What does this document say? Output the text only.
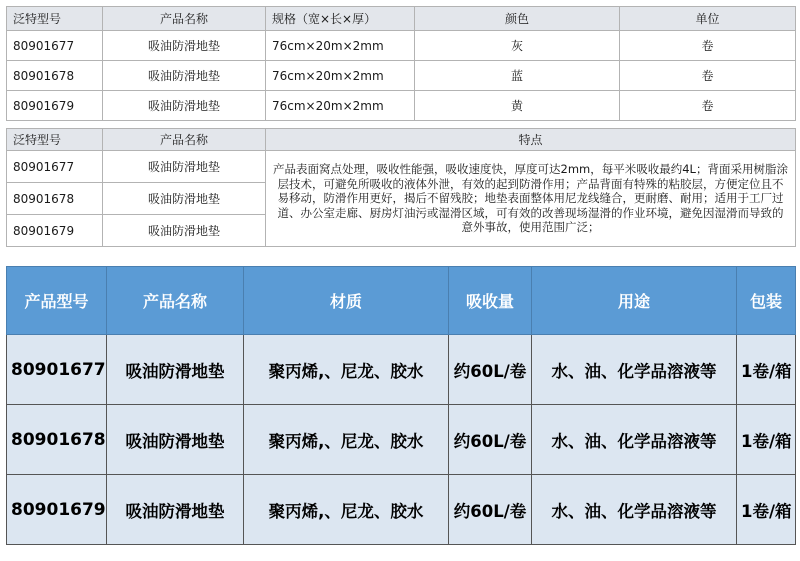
泛特型号	产品名称	规格（宽×长×厚）	颜色	单位
80901677	吸油防滑地垫	76cm×20m×2mm	灰	卷
80901678	吸油防滑地垫	76cm×20m×2mm	蓝	卷
80901679	吸油防滑地垫	76cm×20m×2mm	黄	卷
泛特型号	产品名称	特点
80901677	吸油防滑地垫	产品表面窝点处理，吸收性能强，吸收速度快，厚度可达2mm，每平米吸收最约4L；背面采用树脂涂层技术，可避免所吸收的液体外泄，有效的起到防滑作用；产品背面有特殊的粘胶层，方便定位且不易移动，防滑作用更好，揭后不留残胶；地垫表面整体用尼龙线缝合，更耐磨、耐用；适用于工厂过道、办公室走廊、厨房灯油污或湿滑区域，可有效的改善现场湿滑的作业环境，避免因湿滑而导致的意外事故，使用范围广泛；
80901678	吸油防滑地垫	
80901679	吸油防滑地垫	
产品型号	产品名称	材质	吸收量	用途	包装
80901677	吸油防滑地垫	聚丙烯,、尼龙、胶水	约60L/卷	水、油、化学品溶液等	1卷/箱
80901678	吸油防滑地垫	聚丙烯,、尼龙、胶水	约60L/卷	水、油、化学品溶液等	1卷/箱
80901679	吸油防滑地垫	聚丙烯,、尼龙、胶水	约60L/卷	水、油、化学品溶液等	1卷/箱
